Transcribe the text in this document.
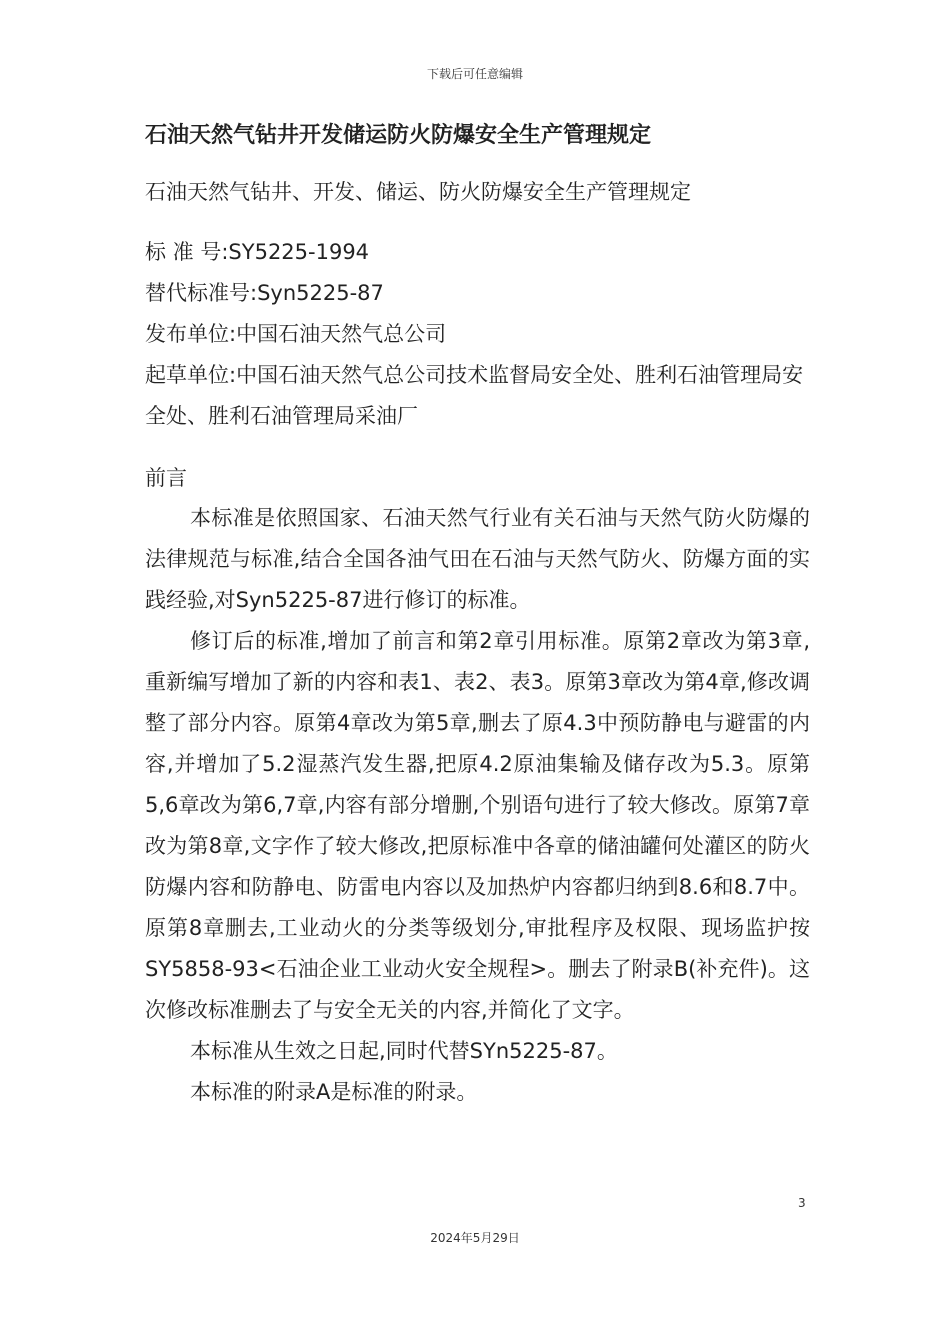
下载后可任意编辑
石油天然气钻井开发储运防火防爆安全生产管理规定
石油天然气钻井、开发、储运、防火防爆安全生产管理规定
标 准 号:SY5225-1994
替代标准号:Syn5225-87
发布单位:中国石油天然气总公司
起草单位:中国石油天然气总公司技术监督局安全处、胜利石油管理局安全处、胜利石油管理局采油厂
前言

本标准是依照国家、石油天然气行业有关石油与天然气防火防爆的法律规范与标准,结合全国各油气田在石油与天然气防火、防爆方面的实践经验,对Syn5225-87进行修订的标准。

修订后的标准,增加了前言和第2章引用标准。原第2章改为第3章,重新编写增加了新的内容和表1、表2、表3。原第3章改为第4章,修改调整了部分内容。原第4章改为第5章,删去了原4.3中预防静电与避雷的内容,并增加了5.2湿蒸汽发生器,把原4.2原油集输及储存改为5.3。原第5,6章改为第6,7章,内容有部分增删,个别语句进行了较大修改。原第7章改为第8章,文字作了较大修改,把原标准中各章的储油罐何处灌区的防火防爆内容和防静电、防雷电内容以及加热炉内容都归纳到8.6和8.7中。原第8章删去,工业动火的分类等级划分,审批程序及权限、现场监护按SY5858-93<石油企业工业动火安全规程>。删去了附录B(补充件)。这次修改标准删去了与安全无关的内容,并简化了文字。

本标准从生效之日起,同时代替SYn5225-87。

本标准的附录A是标准的附录。

3
2024年5月29日
